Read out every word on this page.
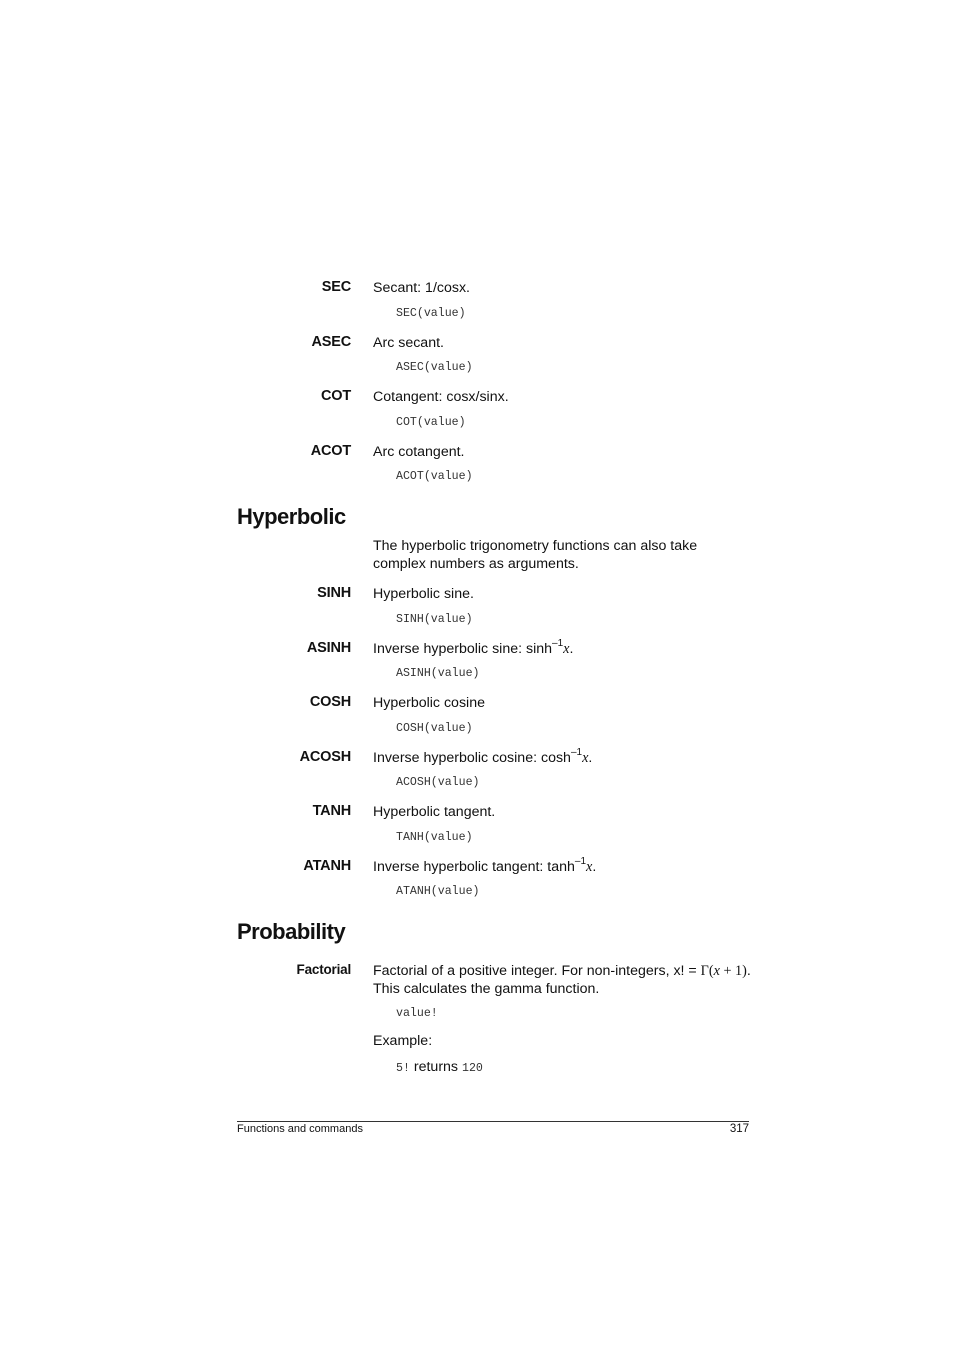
SEC Secant: 1/cosx.
SEC(value)
ASEC Arc secant.
ASEC(value)
COT Cotangent: cosx/sinx.
COT(value)
ACOT Arc cotangent.
ACOT(value)
Hyperbolic
The hyperbolic trigonometry functions can also take complex numbers as arguments.
SINH Hyperbolic sine.
SINH(value)
ASINH Inverse hyperbolic sine: $\sinh^{-1}x$.
ASINH(value)
COSH Hyperbolic cosine
COSH(value)
ACOSH Inverse hyperbolic cosine: $\cosh^{-1}x$.
ACOSH(value)
TANH Hyperbolic tangent.
TANH(value)
ATANH Inverse hyperbolic tangent: $\tanh^{-1}x$.
ATANH(value)
Probability
Factorial Factorial of a positive integer. For non-integers, x! = Γ(x + 1).
This calculates the gamma function.
value!
Example:
5! returns 120
Functions and commands	317
